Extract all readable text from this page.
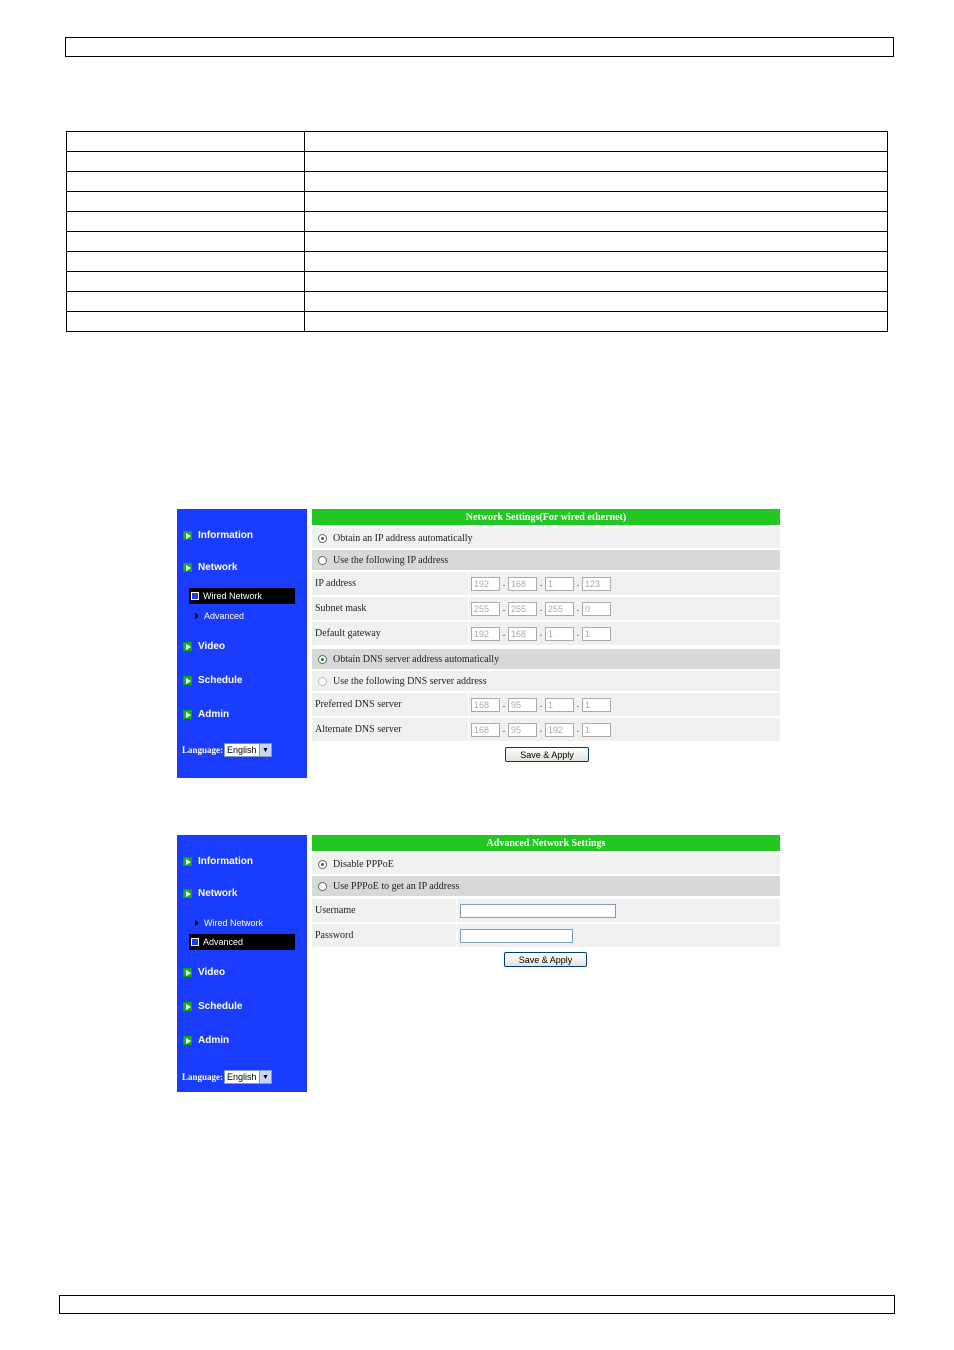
Information
Network
Wired Network
Advanced
Video
Schedule
Admin
Language: English ▼
Network Settings(For wired ethernet)
Obtain an IP address automatically
Use the following IP address
IP address	192	. 168	. 1	. 123
Subnet mask	255	. 255	. 255	. 0
Default gateway	192	. 168	. 1	. 1
Obtain DNS server address automatically
Use the following DNS server address
Preferred DNS server	168	. 95	. 1	. 1
Alternate DNS server	168	. 95	. 192	. 1
Save & Apply
Information
Network
Wired Network
Advanced
Video
Schedule
Admin
Language: English ▼
Advanced Network Settings
Disable PPPoE
Use PPPoE to get an IP address
Username
Password
Save & Apply
